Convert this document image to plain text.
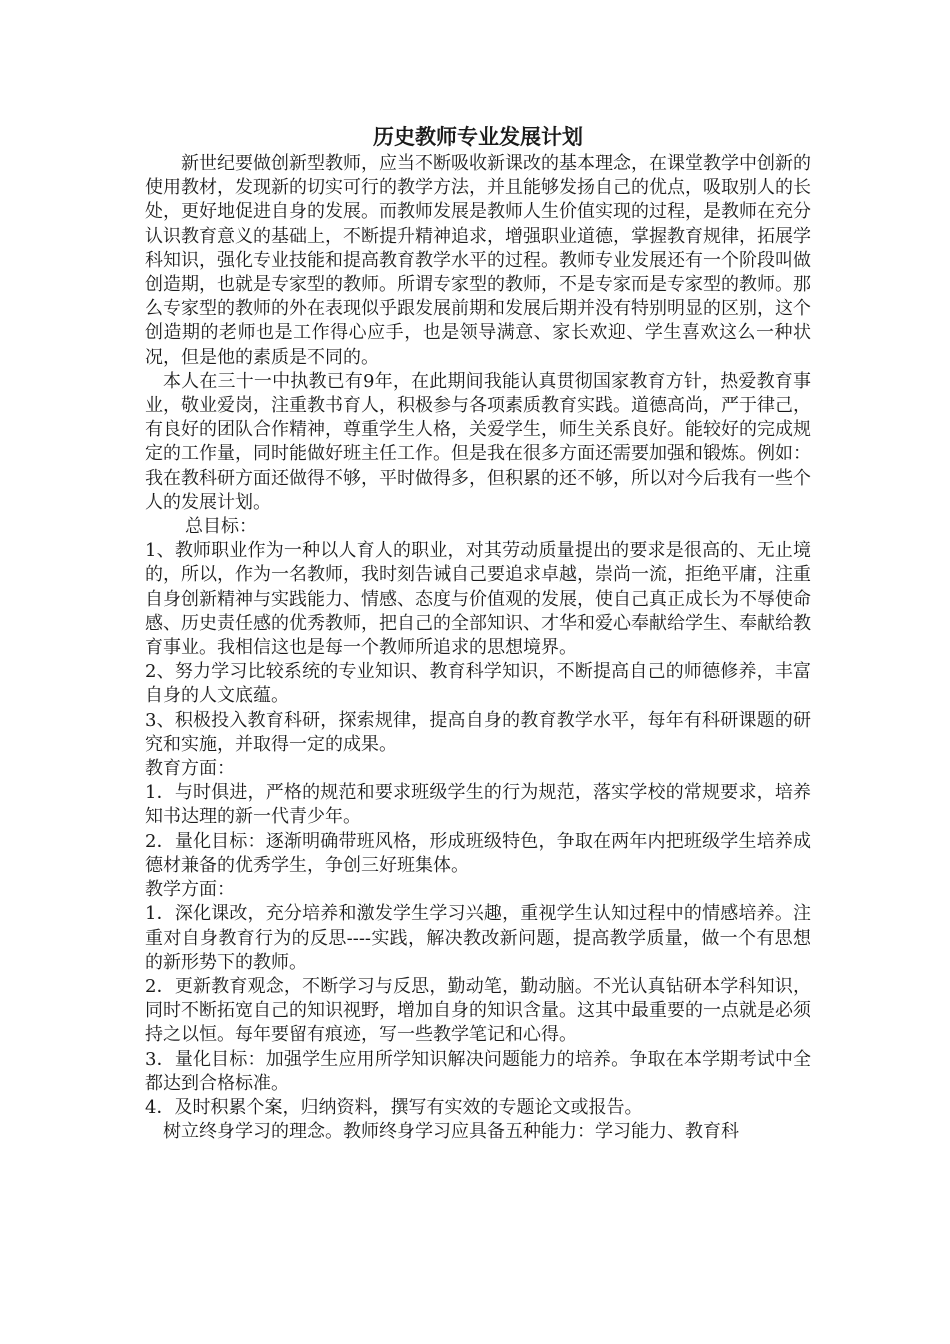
历史教师专业发展计划

新世纪要做创新型教师，应当不断吸收新课改的基本理念，在课堂教学中创新的使用教材，发现新的切实可行的教学方法，并且能够发扬自己的优点，吸取别人的长处，更好地促进自身的发展。而教师发展是教师人生价值实现的过程，是教师在充分认识教育意义的基础上，不断提升精神追求，增强职业道德，掌握教育规律，拓展学科知识，强化专业技能和提高教育教学水平的过程。教师专业发展还有一个阶段叫做创造期，也就是专家型的教师。所谓专家型的教师，不是专家而是专家型的教师。那么专家型的教师的外在表现似乎跟发展前期和发展后期并没有特别明显的区别，这个创造期的老师也是工作得心应手，也是领导满意、家长欢迎、学生喜欢这么一种状况，但是他的素质是不同的。

本人在三十一中执教已有9年，在此期间我能认真贯彻国家教育方针，热爱教育事业，敬业爱岗，注重教书育人，积极参与各项素质教育实践。道德高尚，严于律己，有良好的团队合作精神，尊重学生人格，关爱学生，师生关系良好。能较好的完成规定的工作量，同时能做好班主任工作。但是我在很多方面还需要加强和锻炼。例如：我在教科研方面还做得不够，平时做得多，但积累的还不够，所以对今后我有一些个人的发展计划。

总目标：

1、教师职业作为一种以人育人的职业，对其劳动质量提出的要求是很高的、无止境的，所以，作为一名教师，我时刻告诫自己要追求卓越，崇尚一流，拒绝平庸，注重自身创新精神与实践能力、情感、态度与价值观的发展，使自己真正成长为不辱使命感、历史责任感的优秀教师，把自己的全部知识、才华和爱心奉献给学生、奉献给教育事业。我相信这也是每一个教师所追求的思想境界。

2、努力学习比较系统的专业知识、教育科学知识，不断提高自己的师德修养，丰富自身的人文底蕴。

3、积极投入教育科研，探索规律，提高自身的教育教学水平，每年有科研课题的研究和实施，并取得一定的成果。

教育方面：

1．与时俱进，严格的规范和要求班级学生的行为规范，落实学校的常规要求，培养知书达理的新一代青少年。

2．量化目标：逐渐明确带班风格，形成班级特色，争取在两年内把班级学生培养成德材兼备的优秀学生，争创三好班集体。

教学方面：

1．深化课改，充分培养和激发学生学习兴趣，重视学生认知过程中的情感培养。注重对自身教育行为的反思----实践，解决教改新问题，提高教学质量，做一个有思想的新形势下的教师。

2．更新教育观念，不断学习与反思，勤动笔，勤动脑。不光认真钻研本学科知识，同时不断拓宽自己的知识视野，增加自身的知识含量。这其中最重要的一点就是必须持之以恒。每年要留有痕迹，写一些教学笔记和心得。

3．量化目标：加强学生应用所学知识解决问题能力的培养。争取在本学期考试中全都达到合格标准。

4．及时积累个案，归纳资料，撰写有实效的专题论文或报告。

树立终身学习的理念。教师终身学习应具备五种能力：学习能力、教育科
